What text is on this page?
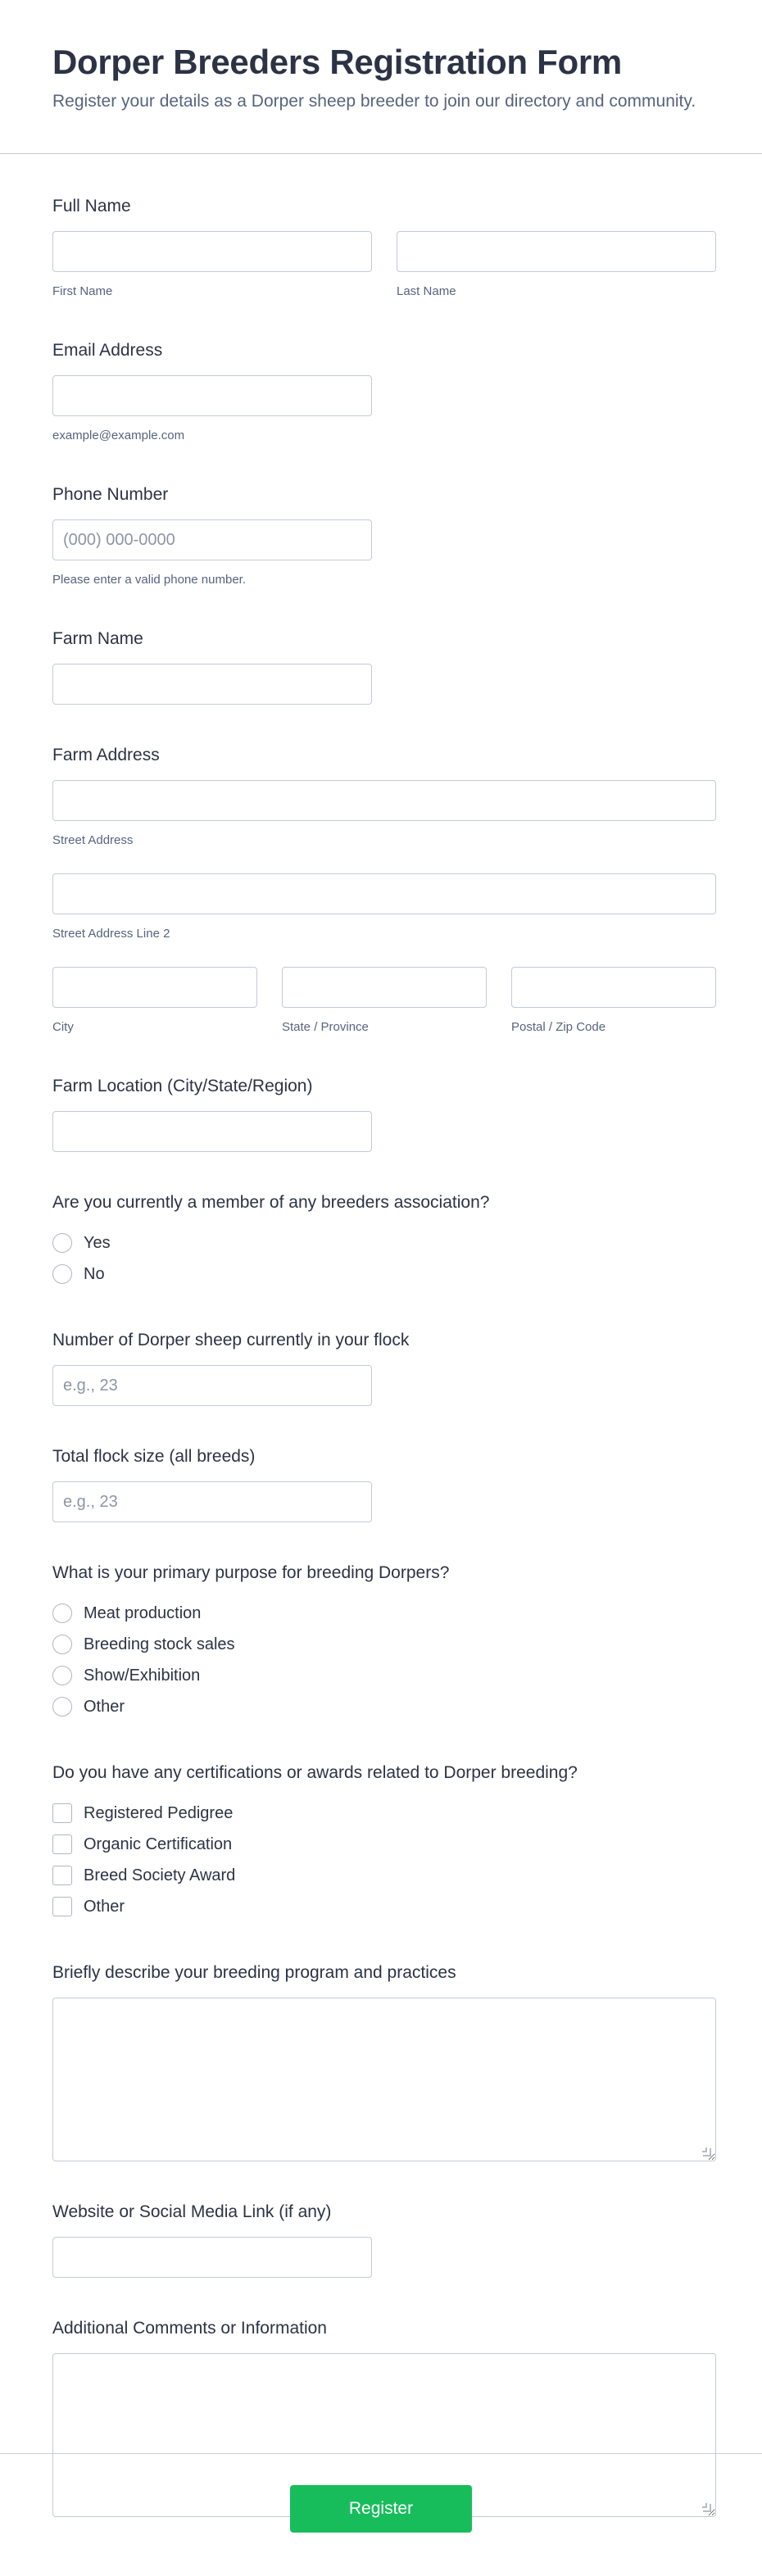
Dorper Breeders Registration Form

Register your details as a Dorper sheep breeder to join our directory and community.

Full Name
First Name	Last Name
Email Address
example@example.com
Phone Number
(000) 000-0000
Please enter a valid phone number.
Farm Name
Farm Address
Street Address
Street Address Line 2
City	State / Province	Postal / Zip Code
Farm Location (City/State/Region)
Are you currently a member of any breeders association?
Yes
No
Number of Dorper sheep currently in your flock
e.g., 23
Total flock size (all breeds)
e.g., 23
What is your primary purpose for breeding Dorpers?
Meat production
Breeding stock sales
Show/Exhibition
Other
Do you have any certifications or awards related to Dorper breeding?
Registered Pedigree
Organic Certification
Breed Society Award
Other
Briefly describe your breeding program and practices
Website or Social Media Link (if any)
Additional Comments or Information
Register
